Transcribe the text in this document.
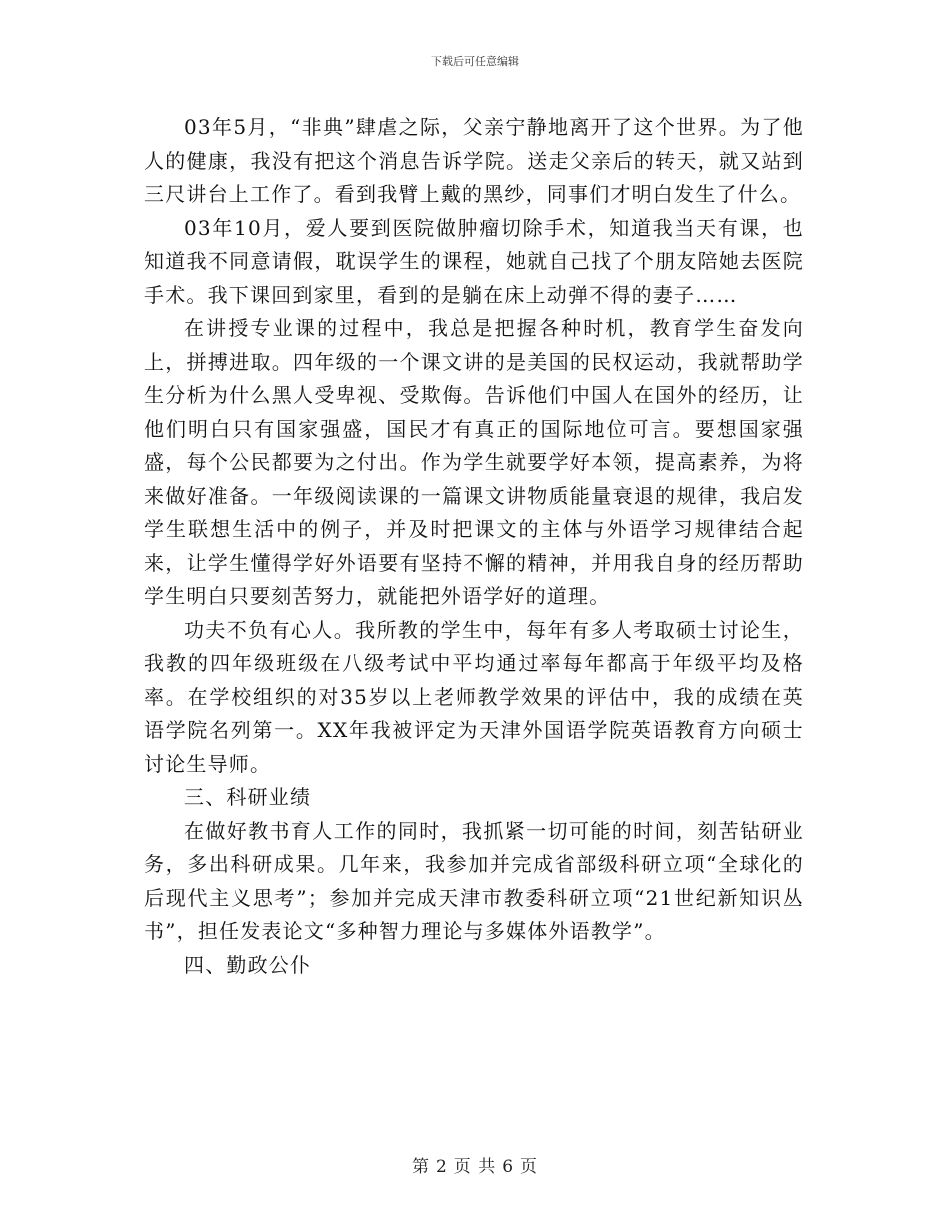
下载后可任意编辑

03年5月，“非典”肆虐之际，父亲宁静地离开了这个世界。为了他人的健康，我没有把这个消息告诉学院。送走父亲后的转天，就又站到三尺讲台上工作了。看到我臂上戴的黑纱，同事们才明白发生了什么。

03年10月，爱人要到医院做肿瘤切除手术，知道我当天有课，也知道我不同意请假，耽误学生的课程，她就自己找了个朋友陪她去医院手术。我下课回到家里，看到的是躺在床上动弹不得的妻子……

在讲授专业课的过程中，我总是把握各种时机，教育学生奋发向上，拼搏进取。四年级的一个课文讲的是美国的民权运动，我就帮助学生分析为什么黑人受卑视、受欺侮。告诉他们中国人在国外的经历，让他们明白只有国家强盛，国民才有真正的国际地位可言。要想国家强盛，每个公民都要为之付出。作为学生就要学好本领，提高素养，为将来做好准备。一年级阅读课的一篇课文讲物质能量衰退的规律，我启发学生联想生活中的例子，并及时把课文的主体与外语学习规律结合起来，让学生懂得学好外语要有坚持不懈的精神，并用我自身的经历帮助学生明白只要刻苦努力，就能把外语学好的道理。

功夫不负有心人。我所教的学生中，每年有多人考取硕士讨论生，我教的四年级班级在八级考试中平均通过率每年都高于年级平均及格率。在学校组织的对35岁以上老师教学效果的评估中，我的成绩在英语学院名列第一。XX年我被评定为天津外国语学院英语教育方向硕士讨论生导师。

三、科研业绩

在做好教书育人工作的同时，我抓紧一切可能的时间，刻苦钻研业务，多出科研成果。几年来，我参加并完成省部级科研立项“全球化的后现代主义思考”；参加并完成天津市教委科研立项“21世纪新知识丛书”，担任发表论文“多种智力理论与多媒体外语教学”。

四、勤政公仆

第 2 页 共 6 页
